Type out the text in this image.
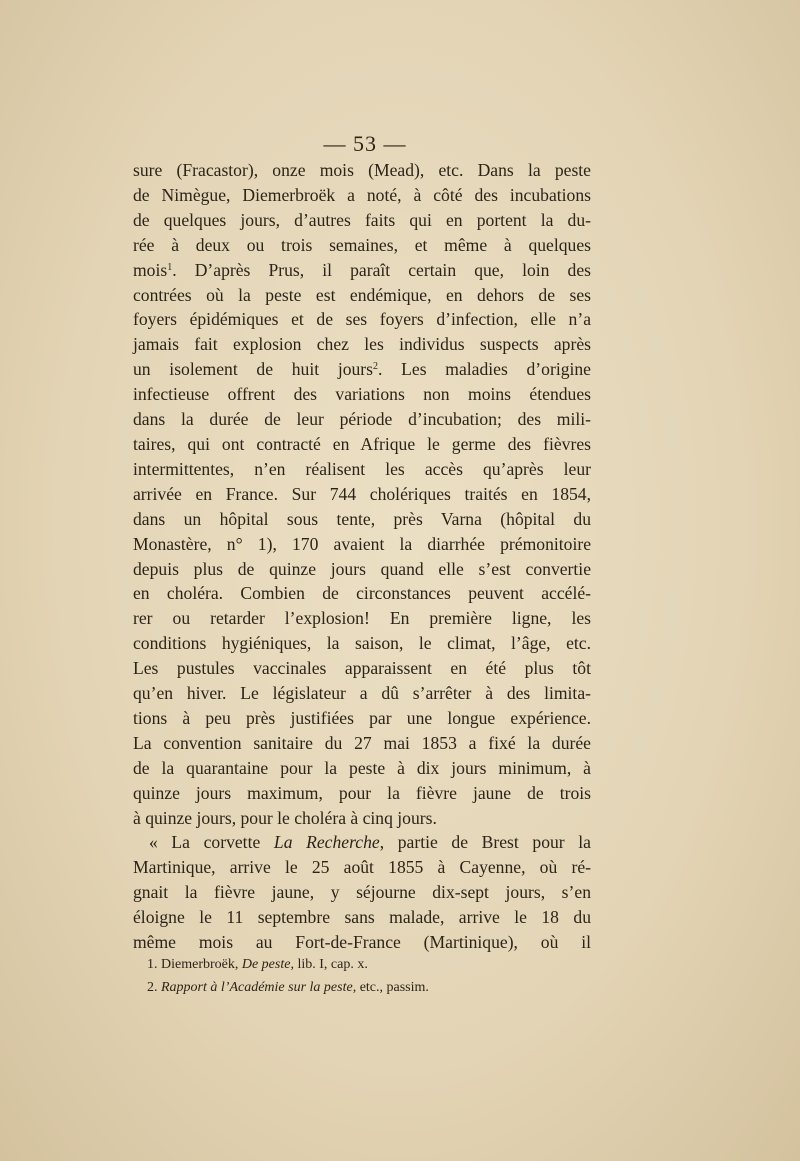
— 53 —
sure (Fracastor), onze mois (Mead), etc. Dans la peste
de Nimègue, Diemerbroëk a noté, à côté des incubations
de quelques jours, d’autres faits qui en portent la du-
rée à deux ou trois semaines, et même à quelques
mois$^1$. D’après Prus, il paraît certain que, loin des
contrées où la peste est endémique, en dehors de ses
foyers épidémiques et de ses foyers d’infection, elle n’a
jamais fait explosion chez les individus suspects après
un isolement de huit jours$^2$. Les maladies d’origine
infectieuse offrent des variations non moins étendues
dans la durée de leur période d’incubation; des mili-
taires, qui ont contracté en Afrique le germe des fièvres
intermittentes, n’en réalisent les accès qu’après leur
arrivée en France. Sur 744 cholériques traités en 1854,
dans un hôpital sous tente, près Varna (hôpital du
Monastère, n° 1), 170 avaient la diarrhée prémonitoire
depuis plus de quinze jours quand elle s’est convertie
en choléra. Combien de circonstances peuvent accélé-
rer ou retarder l’explosion! En première ligne, les
conditions hygiéniques, la saison, le climat, l’âge, etc.
Les pustules vaccinales apparaissent en été plus tôt
qu’en hiver. Le législateur a dû s’arrêter à des limita-
tions à peu près justifiées par une longue expérience.
La convention sanitaire du 27 mai 1853 a fixé la durée
de la quarantaine pour la peste à dix jours minimum, à
quinze jours maximum, pour la fièvre jaune de trois
à quinze jours, pour le choléra à cinq jours.
« La corvette La Recherche, partie de Brest pour la
Martinique, arrive le 25 août 1855 à Cayenne, où ré-
gnait la fièvre jaune, y séjourne dix-sept jours, s’en
éloigne le 11 septembre sans malade, arrive le 18 du
même mois au Fort-de-France (Martinique), où il
1. Diemerbroëk, De peste, lib. I, cap. x.
2. Rapport à l’Académie sur la peste, etc., passim.
